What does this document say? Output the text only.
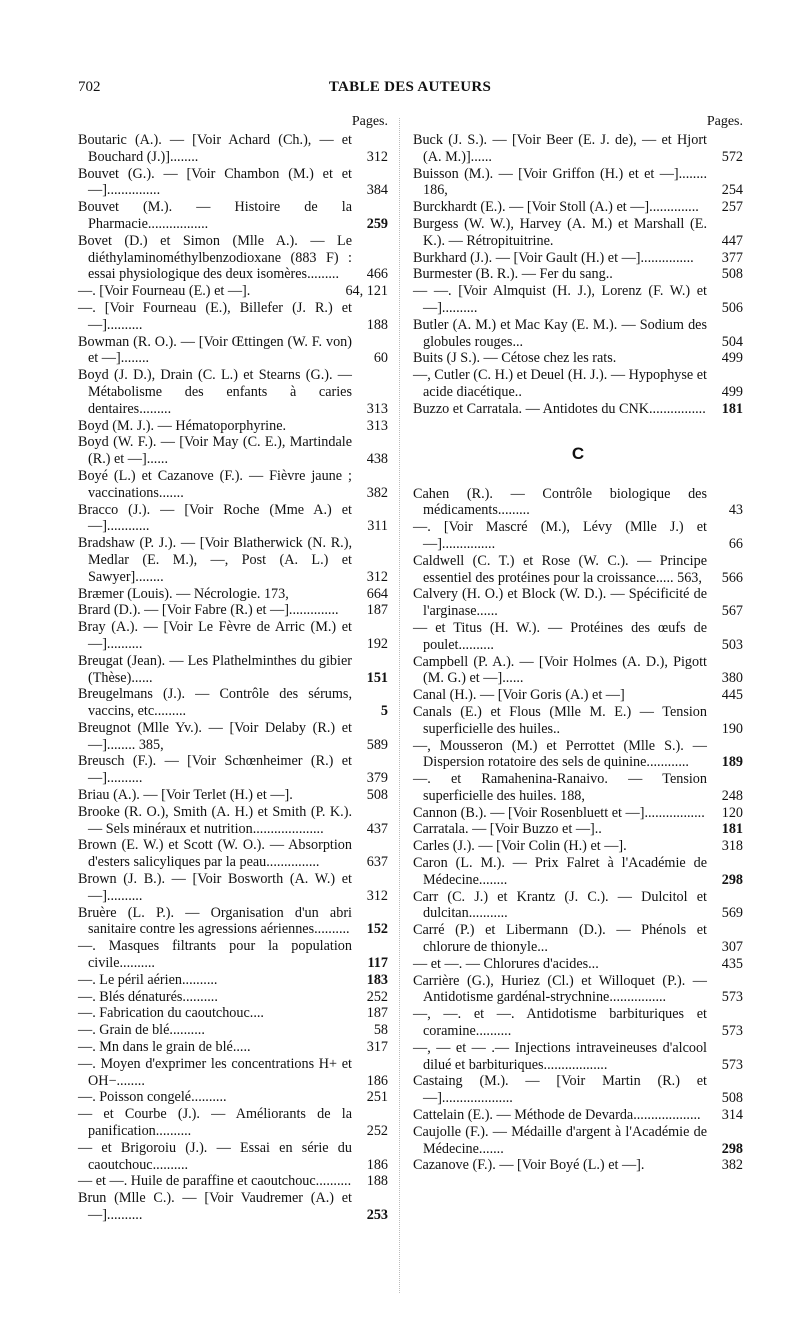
702	TABLE DES AUTEURS
Pages.
Boutaric (A.). — [Voir Achard (Ch.), — et Bouchard (J.)]........	312
Bouvet (G.). — [Voir Chambon (M.) et et —]...............	384
Bouvet (M.). — Histoire de la Pharmacie.................	259
Bovet (D.) et Simon (Mlle A.). — Le diéthylaminométhylbenzodioxane (883 F) : essai physiologique des deux isomères......... 466
—. [Voir Fourneau (E.) et —].	64, 121
—. [Voir Fourneau (E.), Billefer (J. R.) et —]..........	188
Bowman (R. O.). — [Voir Œttingen (W. F. von) et —]........	60
Boyd (J. D.), Drain (C. L.) et Stearns (G.). — Métabolisme des enfants à caries dentaires.........	313
Boyd (M. J.). — Hématoporphyrine.	313
Boyd (W. F.). — [Voir May (C. E.), Martindale (R.) et —]......	438
Boyé (L.) et Cazanove (F.). — Fièvre jaune ; vaccinations.......	382
Bracco (J.). — [Voir Roche (Mme A.) et —]............	311
Bradshaw (P. J.). — [Voir Blatherwick (N. R.), Medlar (E. M.), —, Post (A. L.) et Sawyer]........	312
Bræmer (Louis). — Nécrologie. 173,	664
Brard (D.). — [Voir Fabre (R.) et —].............. 187
Bray (A.). — [Voir Le Fèvre de Arric (M.) et —]..........	192
Breugat (Jean). — Les Plathelminthes du gibier (Thèse)......	151
Breugelmans (J.). — Contrôle des sérums, vaccins, etc.........	5
Breugnot (Mlle Yv.). — [Voir Delaby (R.) et —]........ 385,	589
Breusch (F.). — [Voir Schœnheimer (R.) et —]..........	379
Briau (A.). — [Voir Terlet (H.) et —].	508
Brooke (R. O.), Smith (A. H.) et Smith (P. K.). — Sels minéraux et nutrition....................	437
Brown (E. W.) et Scott (W. O.). — Absorption d'esters salicyliques par la peau...............	637
Brown (J. B.). — [Voir Bosworth (A. W.) et —]..........	312
Bruère (L. P.). — Organisation d'un abri sanitaire contre les agressions aériennes.......... 152
—. Masques filtrants pour la population civile..........	117
—. Le péril aérien..........	183
—. Blés dénaturés..........	252
—. Fabrication du caoutchouc....	187
—. Grain de blé..........	58
—. Mn dans le grain de blé.....	317
—. Moyen d'exprimer les concentrations H+ et OH−........	186
—. Poisson congelé..........	251
— et Courbe (J.). — Améliorants de la panification..........	252
— et Brigoroiu (J.). — Essai en série du caoutchouc..........	186
— et —. Huile de paraffine et caoutchouc.......... 188
Brun (Mlle C.). — [Voir Vaudremer (A.) et —]..........	253
Pages.
Buck (J. S.). — [Voir Beer (E. J. de), — et Hjort (A. M.)]......	572
Buisson (M.). — [Voir Griffon (H.) et et —]........ 186,	254
Burckhardt (E.). — [Voir Stoll (A.) et —].............. 257
Burgess (W. W.), Harvey (A. M.) et Marshall (E. K.). — Rétropituitrine.	447
Burkhard (J.). — [Voir Gault (H.) et —]............... 377
Burmester (B. R.). — Fer du sang..	508
— —. [Voir Almquist (H. J.), Lorenz (F. W.) et —]..........	506
Butler (A. M.) et Mac Kay (E. M.). — Sodium des globules rouges...	504
Buits (J S.). — Cétose chez les rats.	499
—, Cutler (C. H.) et Deuel (H. J.). — Hypophyse et acide diacétique..	499
Buzzo et Carratala. — Antidotes du CNK................ 181
C
Cahen (R.). — Contrôle biologique des médicaments.........	43
—. [Voir Mascré (M.), Lévy (Mlle J.) et —]...............	66
Caldwell (C. T.) et Rose (W. C.). — Principe essentiel des protéines pour la croissance..... 563, 566
Calvery (H. O.) et Block (W. D.). — Spécificité de l'arginase......	567
— et Titus (H. W.). — Protéines des œufs de poulet..........	503
Campbell (P. A.). — [Voir Holmes (A. D.), Pigott (M. G.) et —]......	380
Canal (H.). — [Voir Goris (A.) et —]	445
Canals (E.) et Flous (Mlle M. E.) — Tension superficielle des huiles..	190
—, Mousseron (M.) et Perrottet (Mlle S.). — Dispersion rotatoire des sels de quinine............ 189
—. et Ramahenina-Ranaivo. — Tension superficielle des huiles. 188,	248
Cannon (B.). — [Voir Rosenbluett et —]................. 120
Carratala. — [Voir Buzzo et —]..	181
Carles (J.). — [Voir Colin (H.) et —].	318
Caron (L. M.). — Prix Falret à l'Académie de Médecine........	298
Carr (C. J.) et Krantz (J. C.). — Dulcitol et dulcitan...........	569
Carré (P.) et Libermann (D.). — Phénols et chlorure de thionyle...	307
— et —. — Chlorures d'acides...	435
Carrière (G.), Huriez (Cl.) et Willoquet (P.). — Antidotisme gardénal-strychnine................	573
—, —. et —. Antidotisme barbituriques et coramine..........	573
—, — et — .— Injections intraveineuses d'alcool dilué et barbituriques..................	573
Castaing (M.). — [Voir Martin (R.) et —]....................	508
Cattelain (E.). — Méthode de Devarda................... 314
Caujolle (F.). — Médaille d'argent à l'Académie de Médecine.......	298
Cazanove (F.). — [Voir Boyé (L.) et —].	382
